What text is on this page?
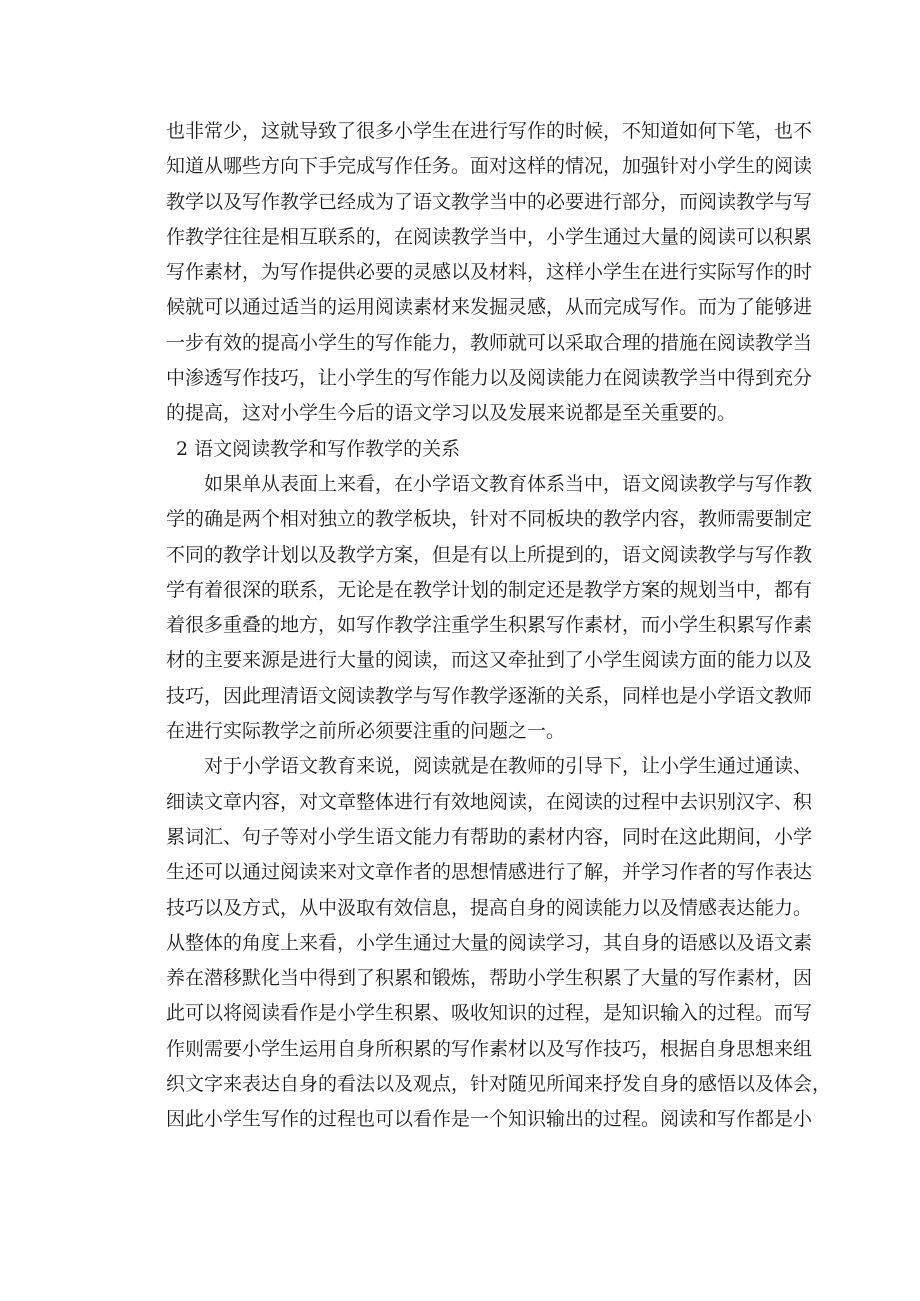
也非常少，这就导致了很多小学生在进行写作的时候，不知道如何下笔，也不
知道从哪些方向下手完成写作任务。面对这样的情况，加强针对小学生的阅读
教学以及写作教学已经成为了语文教学当中的必要进行部分，而阅读教学与写
作教学往往是相互联系的，在阅读教学当中，小学生通过大量的阅读可以积累
写作素材，为写作提供必要的灵感以及材料，这样小学生在进行实际写作的时
候就可以通过适当的运用阅读素材来发掘灵感，从而完成写作。而为了能够进
一步有效的提高小学生的写作能力，教师就可以采取合理的措施在阅读教学当
中渗透写作技巧，让小学生的写作能力以及阅读能力在阅读教学当中得到充分
的提高，这对小学生今后的语文学习以及发展来说都是至关重要的。
2 语文阅读教学和写作教学的关系
如果单从表面上来看，在小学语文教育体系当中，语文阅读教学与写作教
学的确是两个相对独立的教学板块，针对不同板块的教学内容，教师需要制定
不同的教学计划以及教学方案，但是有以上所提到的，语文阅读教学与写作教
学有着很深的联系，无论是在教学计划的制定还是教学方案的规划当中，都有
着很多重叠的地方，如写作教学注重学生积累写作素材，而小学生积累写作素
材的主要来源是进行大量的阅读，而这又牵扯到了小学生阅读方面的能力以及
技巧，因此理清语文阅读教学与写作教学逐渐的关系，同样也是小学语文教师
在进行实际教学之前所必须要注重的问题之一。
对于小学语文教育来说，阅读就是在教师的引导下，让小学生通过通读、
细读文章内容，对文章整体进行有效地阅读，在阅读的过程中去识别汉字、积
累词汇、句子等对小学生语文能力有帮助的素材内容，同时在这此期间，小学
生还可以通过阅读来对文章作者的思想情感进行了解，并学习作者的写作表达
技巧以及方式，从中汲取有效信息，提高自身的阅读能力以及情感表达能力。
从整体的角度上来看，小学生通过大量的阅读学习，其自身的语感以及语文素
养在潜移默化当中得到了积累和锻炼，帮助小学生积累了大量的写作素材，因
此可以将阅读看作是小学生积累、吸收知识的过程，是知识输入的过程。而写
作则需要小学生运用自身所积累的写作素材以及写作技巧，根据自身思想来组
织文字来表达自身的看法以及观点，针对随见所闻来抒发自身的感悟以及体会，
因此小学生写作的过程也可以看作是一个知识输出的过程。阅读和写作都是小
